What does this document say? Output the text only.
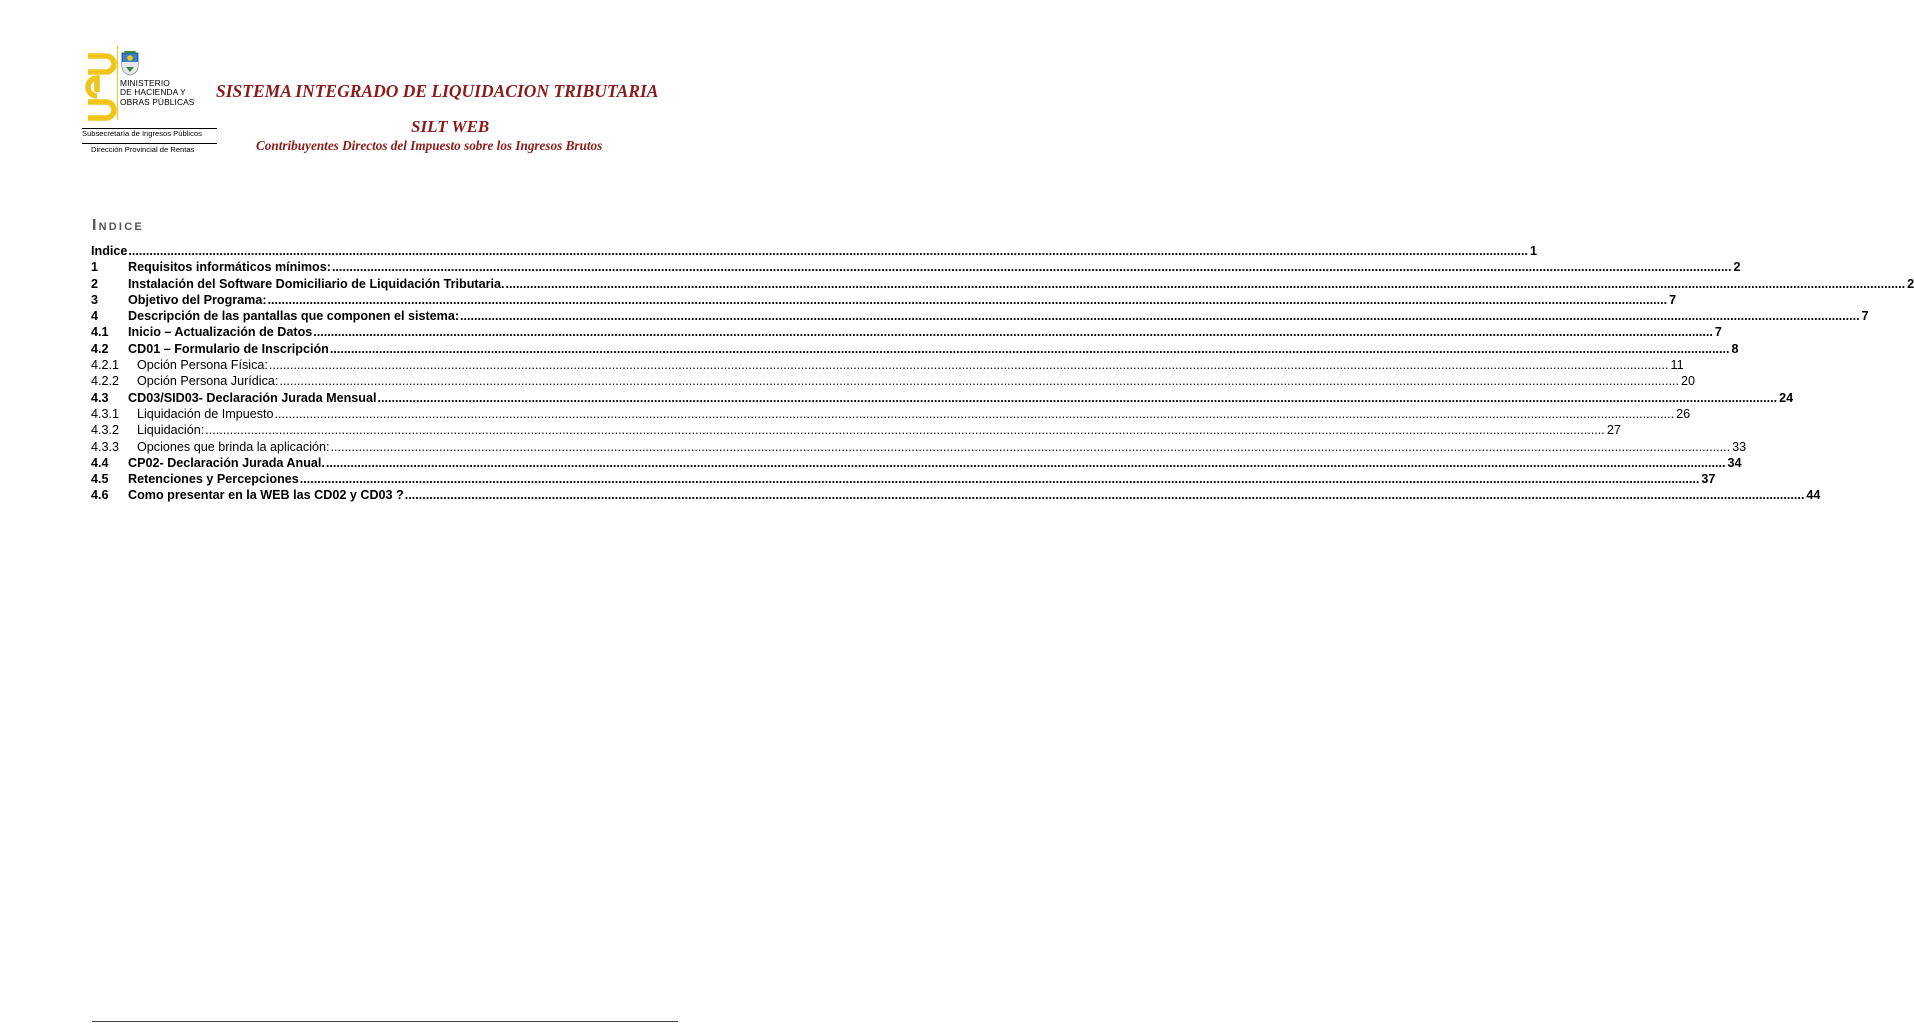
MINISTERIO
DE HACIENDA Y
OBRAS PÚBLICAS
Subsecretaría de Ingresos Públicos
Dirección Provincial de Rentas
SISTEMA INTEGRADO DE LIQUIDACION TRIBUTARIA
SILT WEB
Contribuyentes Directos del Impuesto sobre los Ingresos Brutos
Indice
Indice ................................................................................................................................................................................................................................................................................................................................................................................................................ 1
1	Requisitos informáticos mínimos: ................................................................................................................................................................................................................................................................................................................................................................................................................ 2
2	Instalación del Software Domiciliario de Liquidación Tributaria. ................................................................................................................................................................................................................................................................................................................................................................................................................ 2
3	Objetivo del Programa: ................................................................................................................................................................................................................................................................................................................................................................................................................ 7
4	Descripción de las pantallas que componen el sistema: ................................................................................................................................................................................................................................................................................................................................................................................................................ 7
4.1	Inicio – Actualización de Datos ................................................................................................................................................................................................................................................................................................................................................................................................................ 7
4.2	CD01 – Formulario de Inscripción ................................................................................................................................................................................................................................................................................................................................................................................................................ 8
4.2.1	Opción Persona Física: ................................................................................................................................................................................................................................................................................................................................................................................................................ 11
4.2.2	Opción Persona Jurídica: ................................................................................................................................................................................................................................................................................................................................................................................................................ 20
4.3	CD03/SID03- Declaración Jurada Mensual ................................................................................................................................................................................................................................................................................................................................................................................................................ 24
4.3.1	Liquidación de Impuesto ................................................................................................................................................................................................................................................................................................................................................................................................................ 26
4.3.2	Liquidación: ................................................................................................................................................................................................................................................................................................................................................................................................................ 27
4.3.3	Opciones que brinda la aplicación: ................................................................................................................................................................................................................................................................................................................................................................................................................ 33
4.4	CP02- Declaración Jurada Anual. ................................................................................................................................................................................................................................................................................................................................................................................................................ 34
4.5	Retenciones y Percepciones ................................................................................................................................................................................................................................................................................................................................................................................................................ 37
4.6	Como presentar en la WEB las CD02 y CD03 ? ................................................................................................................................................................................................................................................................................................................................................................................................................ 44
